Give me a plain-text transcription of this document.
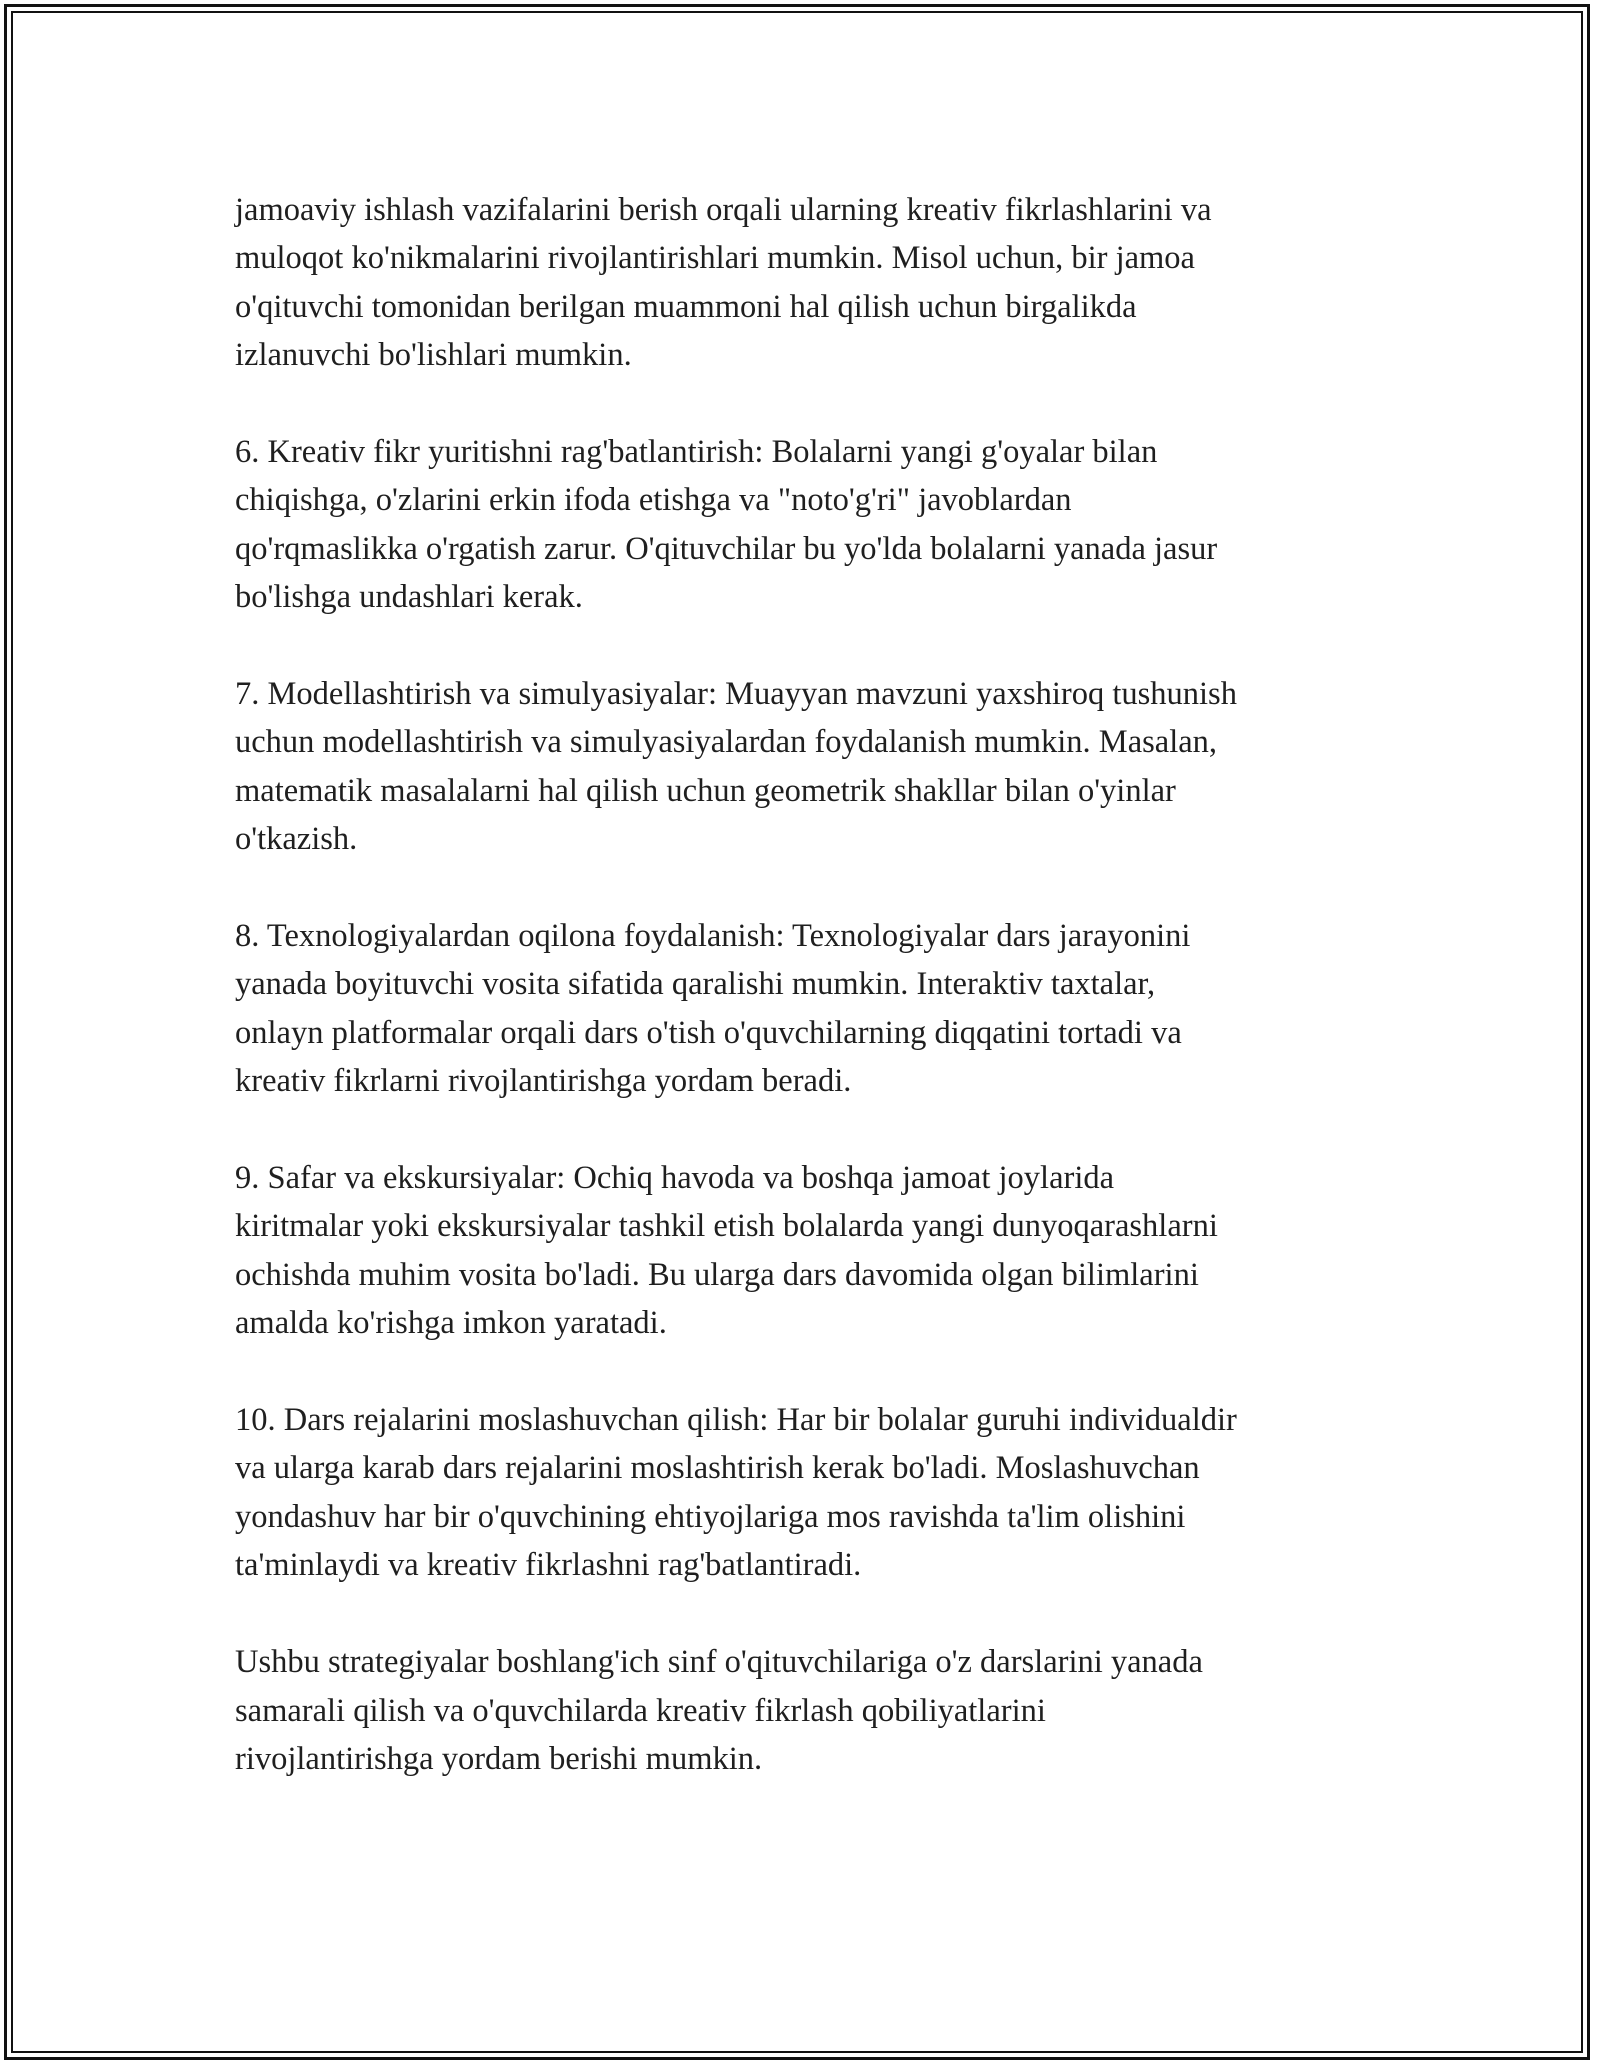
jamoaviy ishlash vazifalarini berish orqali ularning kreativ fikrlashlarini va
muloqot ko'nikmalarini rivojlantirishlari mumkin. Misol uchun, bir jamoa
o'qituvchi tomonidan berilgan muammoni hal qilish uchun birgalikda
izlanuvchi bo'lishlari mumkin.

6. Kreativ fikr yuritishni rag'batlantirish: Bolalarni yangi g'oyalar bilan
chiqishga, o'zlarini erkin ifoda etishga va "noto'g'ri" javoblardan
qo'rqmaslikka o'rgatish zarur. O'qituvchilar bu yo'lda bolalarni yanada jasur
bo'lishga undashlari kerak.

7. Modellashtirish va simulyasiyalar: Muayyan mavzuni yaxshiroq tushunish
uchun modellashtirish va simulyasiyalardan foydalanish mumkin. Masalan,
matematik masalalarni hal qilish uchun geometrik shakllar bilan o'yinlar
o'tkazish.

8. Texnologiyalardan oqilona foydalanish: Texnologiyalar dars jarayonini
yanada boyituvchi vosita sifatida qaralishi mumkin. Interaktiv taxtalar,
onlayn platformalar orqali dars o'tish o'quvchilarning diqqatini tortadi va
kreativ fikrlarni rivojlantirishga yordam beradi.

9. Safar va ekskursiyalar: Ochiq havoda va boshqa jamoat joylarida
kiritmalar yoki ekskursiyalar tashkil etish bolalarda yangi dunyoqarashlarni
ochishda muhim vosita bo'ladi. Bu ularga dars davomida olgan bilimlarini
amalda ko'rishga imkon yaratadi.

10. Dars rejalarini moslashuvchan qilish: Har bir bolalar guruhi individualdir
va ularga karab dars rejalarini moslashtirish kerak bo'ladi. Moslashuvchan
yondashuv har bir o'quvchining ehtiyojlariga mos ravishda ta'lim olishini
ta'minlaydi va kreativ fikrlashni rag'batlantiradi.

Ushbu strategiyalar boshlang'ich sinf o'qituvchilariga o'z darslarini yanada
samarali qilish va o'quvchilarda kreativ fikrlash qobiliyatlarini
rivojlantirishga yordam berishi mumkin.
